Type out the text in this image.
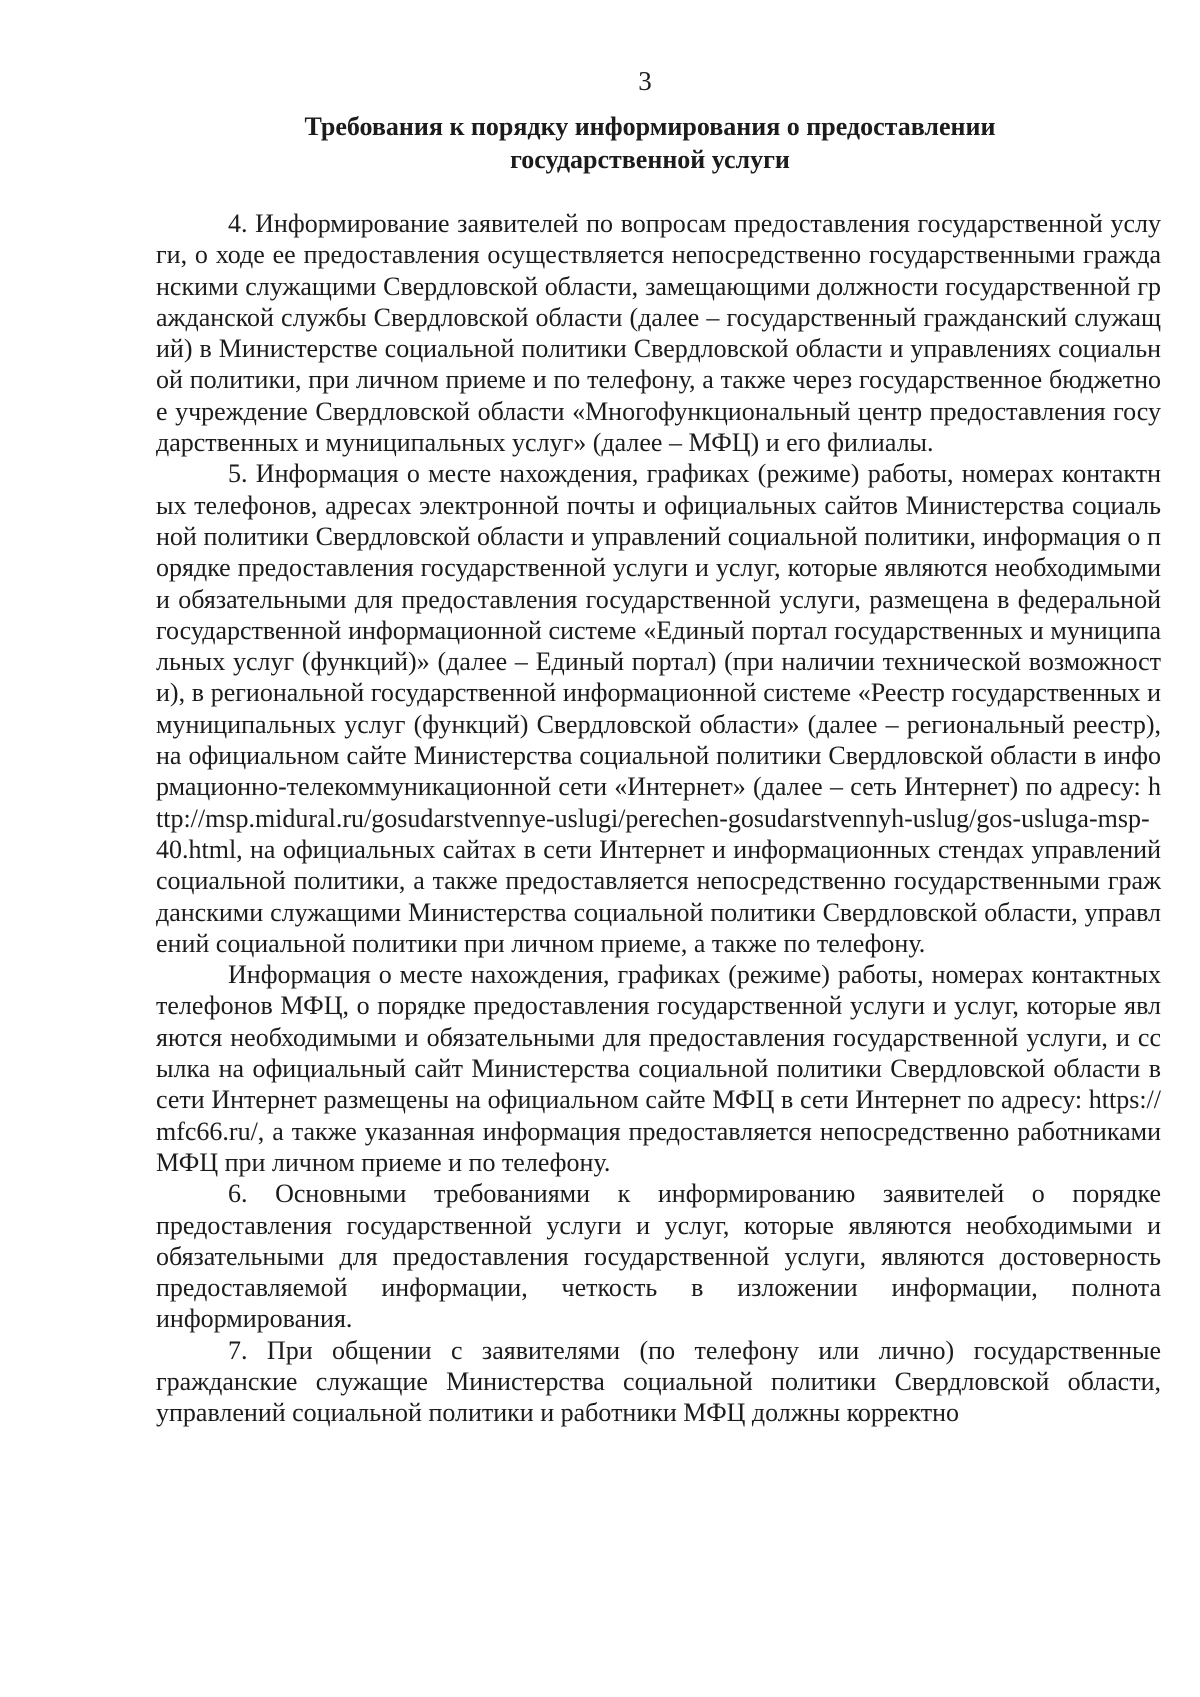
3
Требования к порядку информирования о предоставлении государственной услуги

4. Информирование заявителей по вопросам предоставления государственной услуги, о ходе ее предоставления осуществляется непосредственно государственными гражданскими служащими Свердловской области, замещающими должности государственной гражданской службы Свердловской области (далее – государственный гражданский служащий) в Министерстве социальной политики Свердловской области и управлениях социальной политики, при личном приеме и по телефону, а также через государственное бюджетное учреждение Свердловской области «Многофункциональный центр предоставления государственных и муниципальных услуг» (далее – МФЦ) и его филиалы.

5. Информация о месте нахождения, графиках (режиме) работы, номерах контактных телефонов, адресах электронной почты и официальных сайтов Министерства социальной политики Свердловской области и управлений социальной политики, информация о порядке предоставления государственной услуги и услуг, которые являются необходимыми и обязательными для предоставления государственной услуги, размещена в федеральной государственной информационной системе «Единый портал государственных и муниципальных услуг (функций)» (далее – Единый портал) (при наличии технической возможности), в региональной государственной информационной системе «Реестр государственных и муниципальных услуг (функций) Свердловской области» (далее – региональный реестр), на официальном сайте Министерства социальной политики Свердловской области в информационно-телекоммуникационной сети «Интернет» (далее – сеть Интернет) по адресу: http://msp.midural.ru/gosudarstvennye-uslugi/perechen-gosudarstvennyh-uslug/gos-usluga-msp-40.html, на официальных сайтах в сети Интернет и информационных стендах управлений социальной политики, а также предоставляется непосредственно государственными гражданскими служащими Министерства социальной политики Свердловской области, управлений социальной политики при личном приеме, а также по телефону.

Информация о месте нахождения, графиках (режиме) работы, номерах контактных телефонов МФЦ, о порядке предоставления государственной услуги и услуг, которые являются необходимыми и обязательными для предоставления государственной услуги, и ссылка на официальный сайт Министерства социальной политики Свердловской области в сети Интернет размещены на официальном сайте МФЦ в сети Интернет по адресу: https://mfc66.ru/, а также указанная информация предоставляется непосредственно работниками МФЦ при личном приеме и по телефону.

6. Основными требованиями к информированию заявителей о порядке предоставления государственной услуги и услуг, которые являются необходимыми и обязательными для предоставления государственной услуги, являются достоверность предоставляемой информации, четкость в изложении информации, полнота информирования.

7. При общении с заявителями (по телефону или лично) государственные гражданские служащие Министерства социальной политики Свердловской области, управлений социальной политики и работники МФЦ должны корректно
